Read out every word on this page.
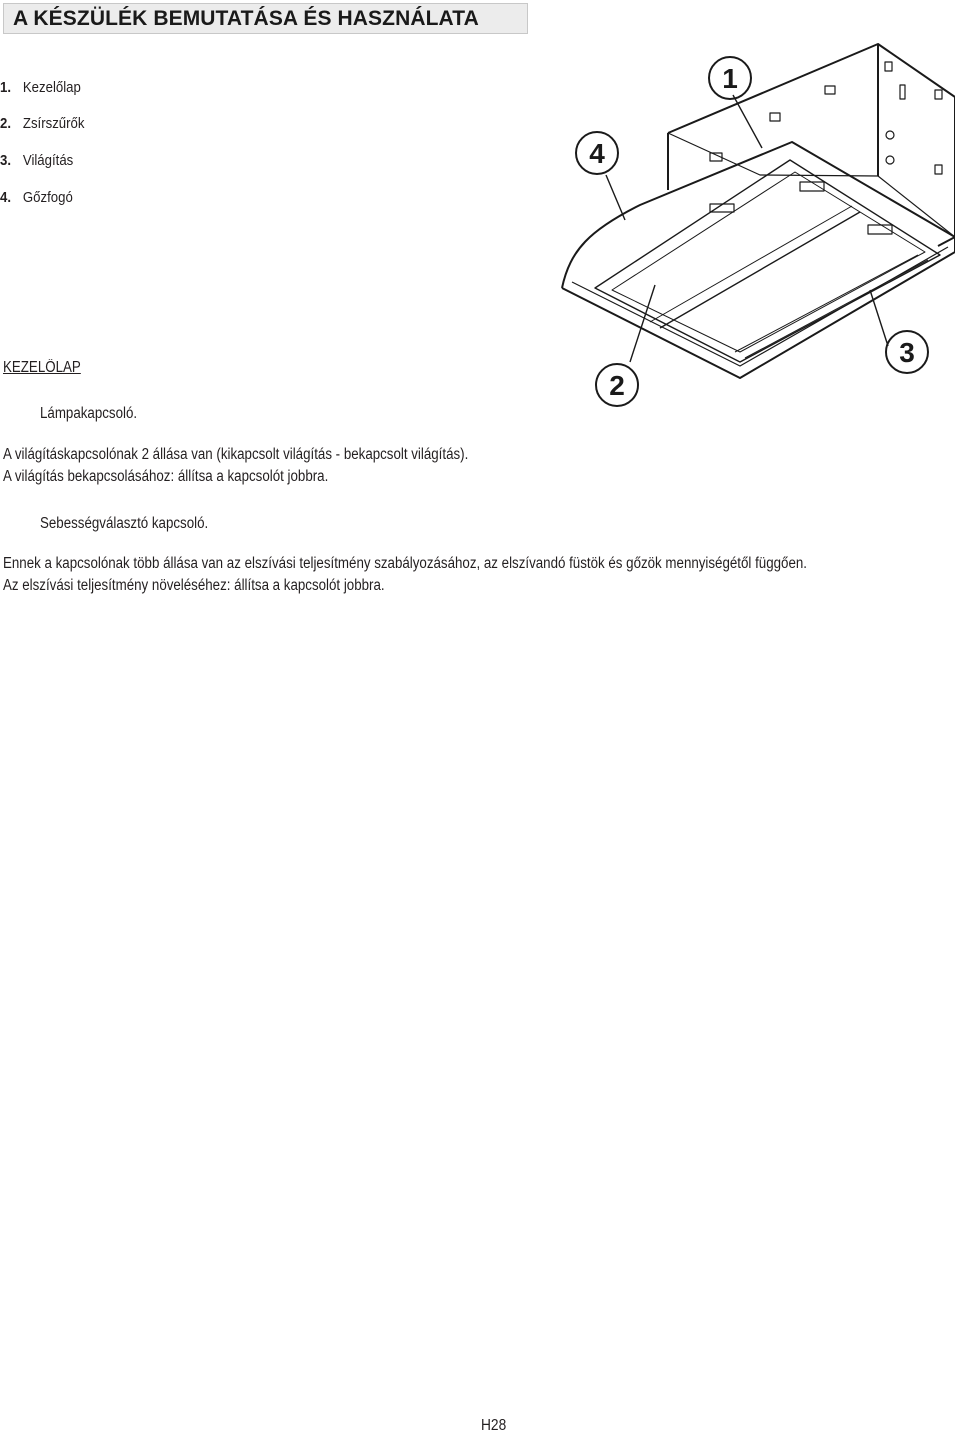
A KÉSZÜLÉK BEMUTATÁSA ÉS HASZNÁLATA
1. Kezelőlap
2. Zsírszűrők
3. Világítás
4. Gőzfogó
KEZELŐLAP
Lámpakapcsoló.
A világításkapcsolónak 2 állása van (kikapcsolt világítás - bekapcsolt világítás).
A világítás bekapcsolásához: állítsa a kapcsolót jobbra.
Sebességválasztó kapcsoló.
Ennek a kapcsolónak több állása van az elszívási teljesítmény szabályozásához, az elszívandó füstök és gőzök mennyiségétől függően.
Az elszívási teljesítmény növeléséhez: állítsa a kapcsolót jobbra.
1
2
3
4
H28
